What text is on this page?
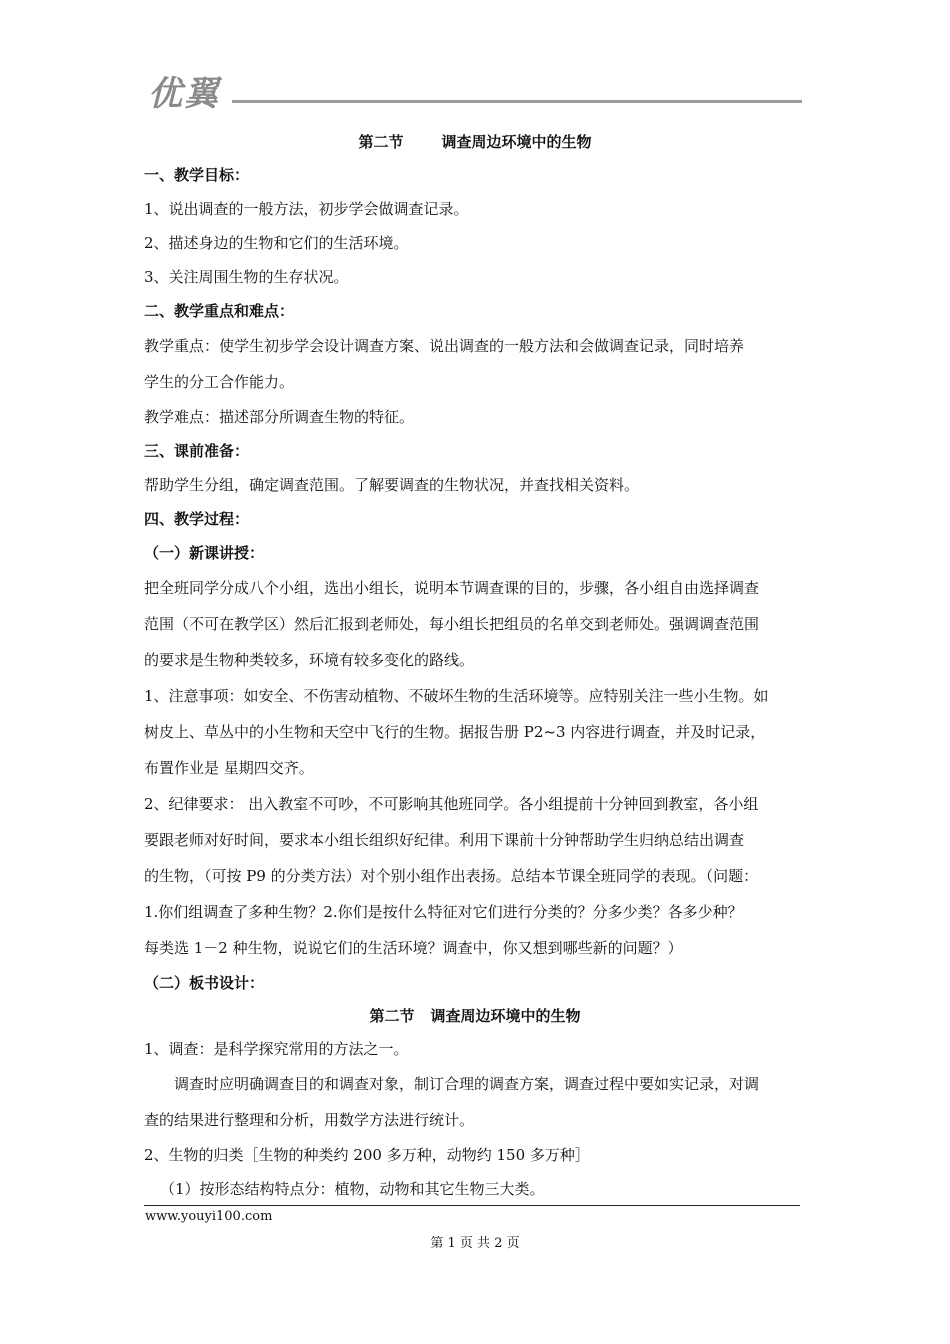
优翼
第二节	调查周边环境中的生物
一、教学目标：
1、说出调查的一般方法，初步学会做调查记录。
2、描述身边的生物和它们的生活环境。
3、关注周围生物的生存状况。
二、教学重点和难点：
教学重点：使学生初步学会设计调查方案、说出调查的一般方法和会做调查记录，同时培养
学生的分工合作能力。
教学难点：描述部分所调查生物的特征。
三、课前准备：
帮助学生分组，确定调查范围。了解要调查的生物状况，并查找相关资料。
四、教学过程：
（一）新课讲授：
把全班同学分成八个小组，选出小组长，说明本节调查课的目的，步骤，各小组自由选择调查
范围（不可在教学区）然后汇报到老师处，每小组长把组员的名单交到老师处。强调调查范围
的要求是生物种类较多，环境有较多变化的路线。
1、注意事项：如安全、不伤害动植物、不破坏生物的生活环境等。应特别关注一些小生物。如
树皮上、草丛中的小生物和天空中飞行的生物。据报告册 P2~3 内容进行调查，并及时记录，
布置作业是 星期四交齐。
2、纪律要求： 出入教室不可吵，不可影响其他班同学。各小组提前十分钟回到教室，各小组
要跟老师对好时间，要求本小组长组织好纪律。利用下课前十分钟帮助学生归纳总结出调查
的生物，（可按 P9 的分类方法）对个别小组作出表扬。总结本节课全班同学的表现。（问题：
1.你们组调查了多种生物？2.你们是按什么特征对它们进行分类的？分多少类？各多少种？
每类选 1－2 种生物，说说它们的生活环境？调查中，你又想到哪些新的问题？）
（二）板书设计：
第二节 调查周边环境中的生物
1、调查：是科学探究常用的方法之一。
调查时应明确调查目的和调查对象，制订合理的调查方案，调查过程中要如实记录，对调
查的结果进行整理和分析，用数学方法进行统计。
2、生物的归类［生物的种类约 200 多万种，动物约 150 多万种］
（1）按形态结构特点分：植物，动物和其它生物三大类。
www.youyi100.com
第 1 页 共 2 页
